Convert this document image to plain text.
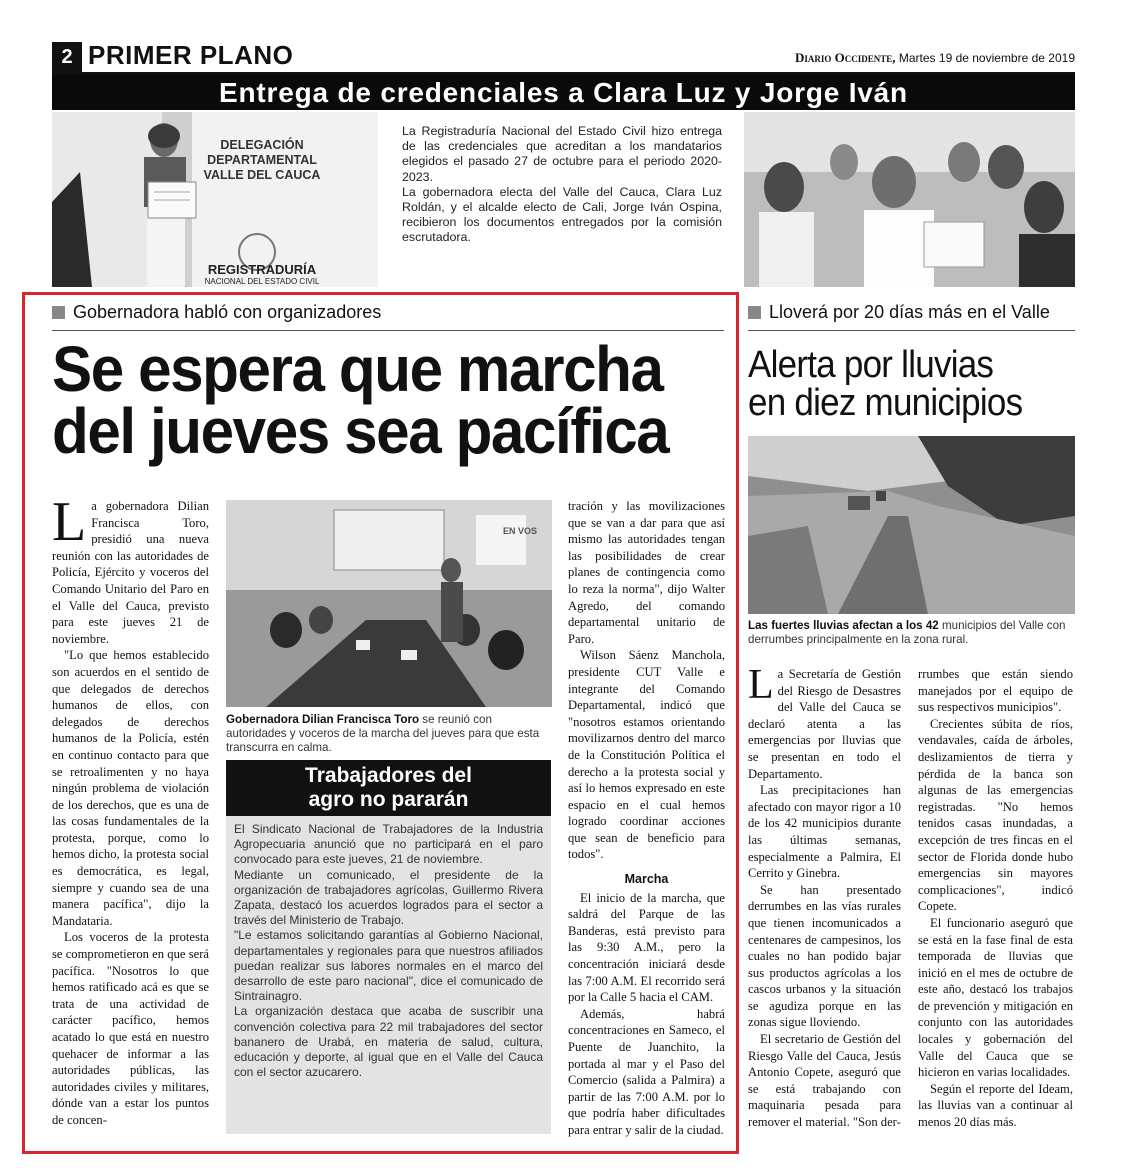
2 PRIMER PLANO	Diario Occidente, Martes 19 de noviembre de 2019
Entrega de credenciales a Clara Luz y Jorge Iván
DELEGACIÓN
DEPARTAMENTAL
VALLE DEL CAUCA
REGISTRADURÍA
NACIONAL DEL ESTADO CIVIL

La Registraduría Nacional del Estado Civil hizo entrega de las credenciales que acreditan a los mandatarios elegidos el pasado 27 de octubre para el periodo 2020-2023.

La gobernadora electa del Valle del Cauca, Clara Luz Roldán, y el alcalde electo de Cali, Jorge Iván Ospina, recibieron los documentos entregados por la comisión escrutadora.

Gobernadora habló con organizadores
Se espera que marcha
del jueves sea pacífica

La gobernadora Dilian Francisca Toro, presidió una nueva reunión con las autoridades de Policía, Ejército y voceros del Comando Unitario del Paro en el Valle del Cauca, previsto para este jueves 21 de noviembre.

"Lo que hemos establecido son acuerdos en el sentido de que delegados de derechos humanos de ellos, con delegados de derechos humanos de la Policía, estén en continuo contacto para que se retroalimenten y no haya ningún problema de violación de los derechos, que es una de las cosas fundamentales de la protesta, porque, como lo hemos dicho, la protesta social es democrática, es legal, siempre y cuando sea de una manera pacífica", dijo la Mandataria.

Los voceros de la protesta se comprometieron en que será pacífica. "Nosotros lo que hemos ratificado acá es que se trata de una actividad de carácter pacífico, hemos acatado lo que está en nuestro quehacer de informar a las autoridades públicas, las autoridades civiles y militares, dónde van a estar los puntos de concen-

EN VOS
Gobernadora Dilian Francisca Toro se reunió con autoridades y voceros de la marcha del jueves para que esta transcurra en calma.
Trabajadores del
agro no pararán

El Sindicato Nacional de Trabajadores de la Industria Agropecuaria anunció que no participará en el paro convocado para este jueves, 21 de noviembre.

Mediante un comunicado, el presidente de la organización de trabajadores agrícolas, Guillermo Rivera Zapata, destacó los acuerdos logrados para el sector a través del Ministerio de Trabajo.

"Le estamos solicitando garantías al Gobierno Nacional, departamentales y regionales para que nuestros afiliados puedan realizar sus labores normales en el marco del desarrollo de este paro nacional", dice el comunicado de Sintrainagro.

La organización destaca que acaba de suscribir una convención colectiva para 22 mil trabajadores del sector bananero de Urabá, en materia de salud, cultura, educación y deporte, al igual que en el Valle del Cauca con el sector azucarero.

tración y las movilizaciones que se van a dar para que así mismo las autoridades tengan las posibilidades de crear planes de contingencia como lo reza la norma", dijo Walter Agredo, del comando departamental unitario de Paro.

Wilson Sáenz Manchola, presidente CUT Valle e integrante del Comando Departamental, indicó que "nosotros estamos orientando movilizarnos dentro del marco de la Constitución Política el derecho a la protesta social y así lo hemos expresado en este espacio en el cual hemos logrado coordinar acciones que sean de beneficio para todos".

Marcha

El inicio de la marcha, que saldrá del Parque de las Banderas, está previsto para las 9:30 A.M., pero la concentración iniciará desde las 7:00 A.M. El recorrido será por la Calle 5 hacia el CAM.

Además, habrá concentraciones en Sameco, el Puente de Juanchito, la portada al mar y el Paso del Comercio (salida a Palmira) a partir de las 7:00 A.M. por lo que podría haber dificultades para entrar y salir de la ciudad.

Lloverá por 20 días más en el Valle
Alerta por lluvias
en diez municipios
Las fuertes lluvias afectan a los 42 municipios del Valle con derrumbes principalmente en la zona rural.

La Secretaría de Gestión del Riesgo de Desastres del Valle del Cauca se declaró atenta a las emergencias por lluvias que se presentan en todo el Departamento.

Las precipitaciones han afectado con mayor rigor a 10 de los 42 municipios durante las últimas semanas, especialmente a Palmira, El Cerrito y Ginebra.

Se han presentado derrumbes en las vías rurales que tienen incomunicados a centenares de campesinos, los cuales no han podido bajar sus productos agrícolas a los cascos urbanos y la situación se agudiza porque en las zonas sigue lloviendo.

El secretario de Gestión del Riesgo Valle del Cauca, Jesús Antonio Copete, aseguró que se está trabajando con maquinaria pesada para remover el material. "Son der-

rrumbes que están siendo manejados por el equipo de sus respectivos municipios".

Crecientes súbita de ríos, vendavales, caída de árboles, deslizamientos de tierra y pérdida de la banca son algunas de las emergencias registradas. "No hemos tenidos casas inundadas, a excepción de tres fincas en el sector de Florida donde hubo emergencias sin mayores complicaciones", indicó Copete.

El funcionario aseguró que se está en la fase final de esta temporada de lluvias que inició en el mes de octubre de este año, destacó los trabajos de prevención y mitigación en conjunto con las autoridades locales y gobernación del Valle del Cauca que se hicieron en varias localidades.

Según el reporte del Ideam, las lluvias van a continuar al menos 20 días más.
